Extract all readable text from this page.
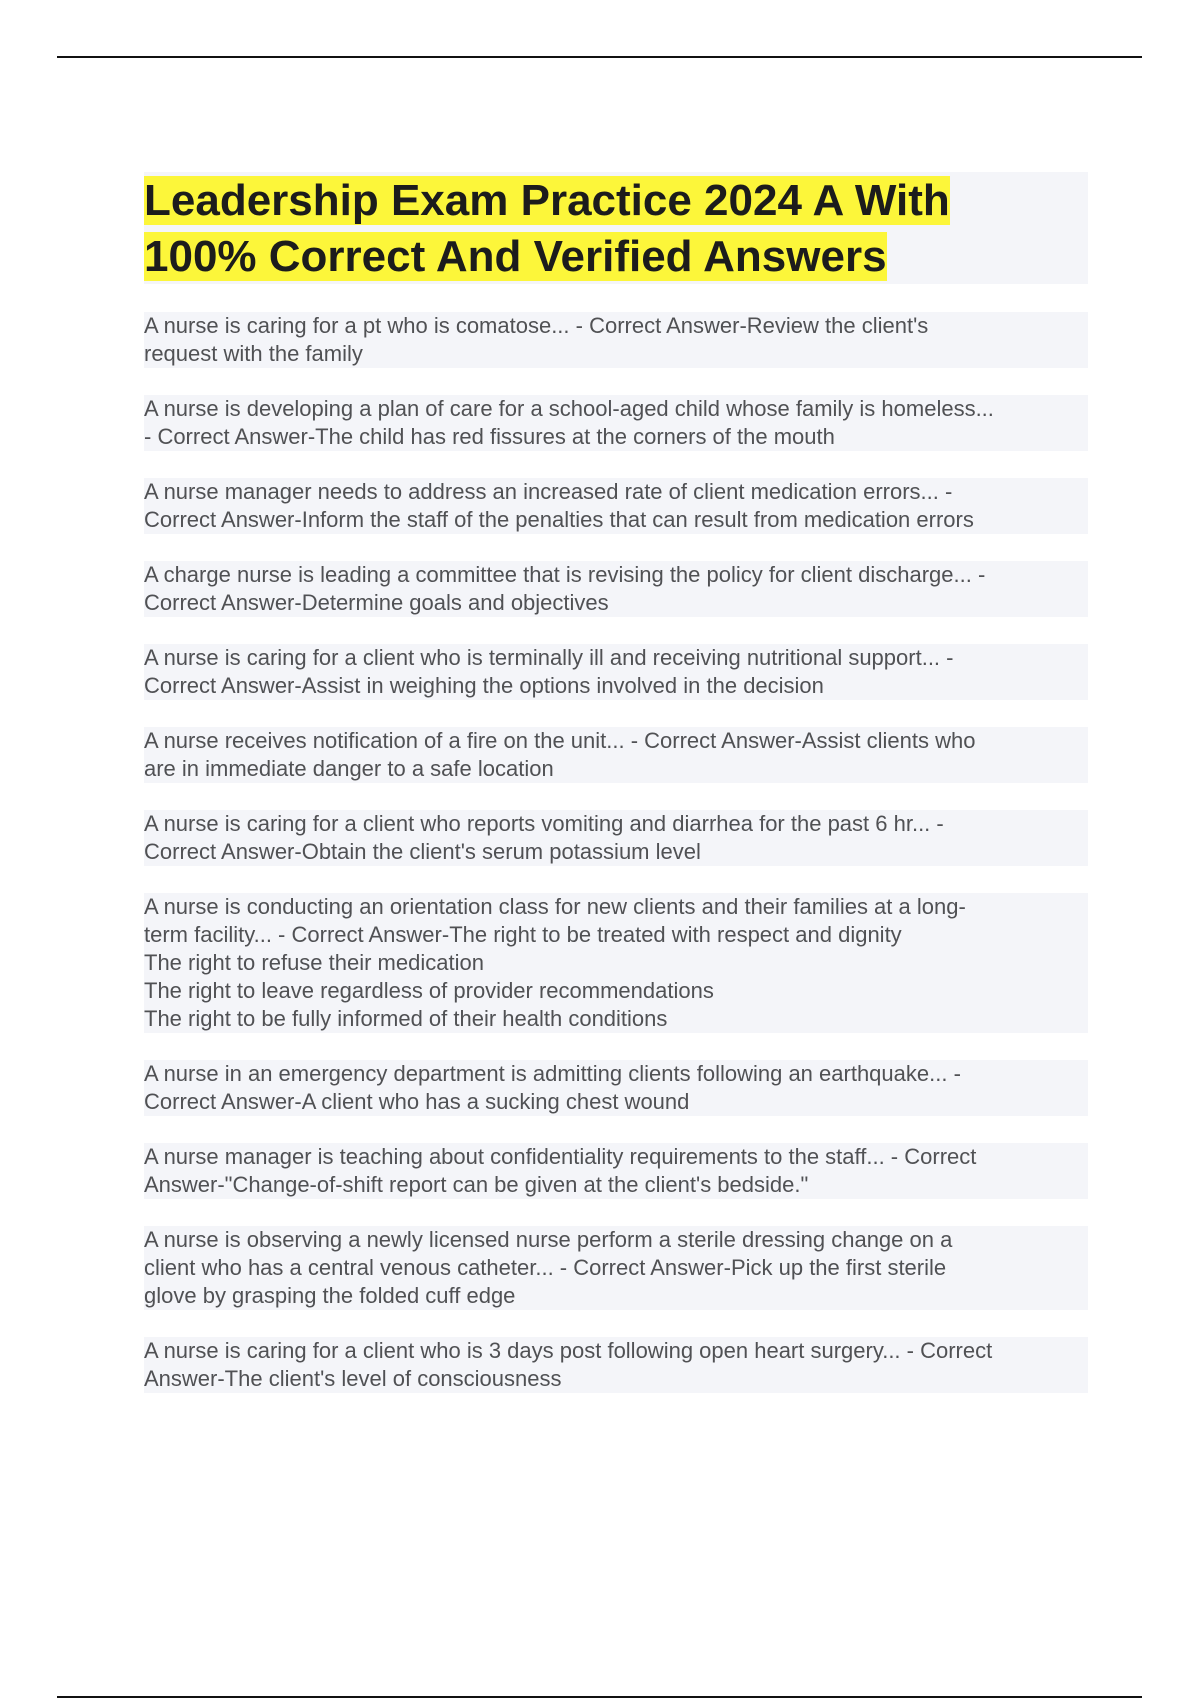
Leadership Exam Practice 2024 A With 100% Correct And Verified Answers
A nurse is caring for a pt who is comatose... - Correct Answer-Review the client's
request with the family
A nurse is developing a plan of care for a school-aged child whose family is homeless...
- Correct Answer-The child has red fissures at the corners of the mouth
A nurse manager needs to address an increased rate of client medication errors... -
Correct Answer-Inform the staff of the penalties that can result from medication errors
A charge nurse is leading a committee that is revising the policy for client discharge... -
Correct Answer-Determine goals and objectives
A nurse is caring for a client who is terminally ill and receiving nutritional support... -
Correct Answer-Assist in weighing the options involved in the decision
A nurse receives notification of a fire on the unit... - Correct Answer-Assist clients who
are in immediate danger to a safe location
A nurse is caring for a client who reports vomiting and diarrhea for the past 6 hr... -
Correct Answer-Obtain the client's serum potassium level
A nurse is conducting an orientation class for new clients and their families at a long-
term facility... - Correct Answer-The right to be treated with respect and dignity
The right to refuse their medication
The right to leave regardless of provider recommendations
The right to be fully informed of their health conditions
A nurse in an emergency department is admitting clients following an earthquake... -
Correct Answer-A client who has a sucking chest wound
A nurse manager is teaching about confidentiality requirements to the staff... - Correct
Answer-"Change-of-shift report can be given at the client's bedside."
A nurse is observing a newly licensed nurse perform a sterile dressing change on a
client who has a central venous catheter... - Correct Answer-Pick up the first sterile
glove by grasping the folded cuff edge
A nurse is caring for a client who is 3 days post following open heart surgery... - Correct
Answer-The client's level of consciousness
